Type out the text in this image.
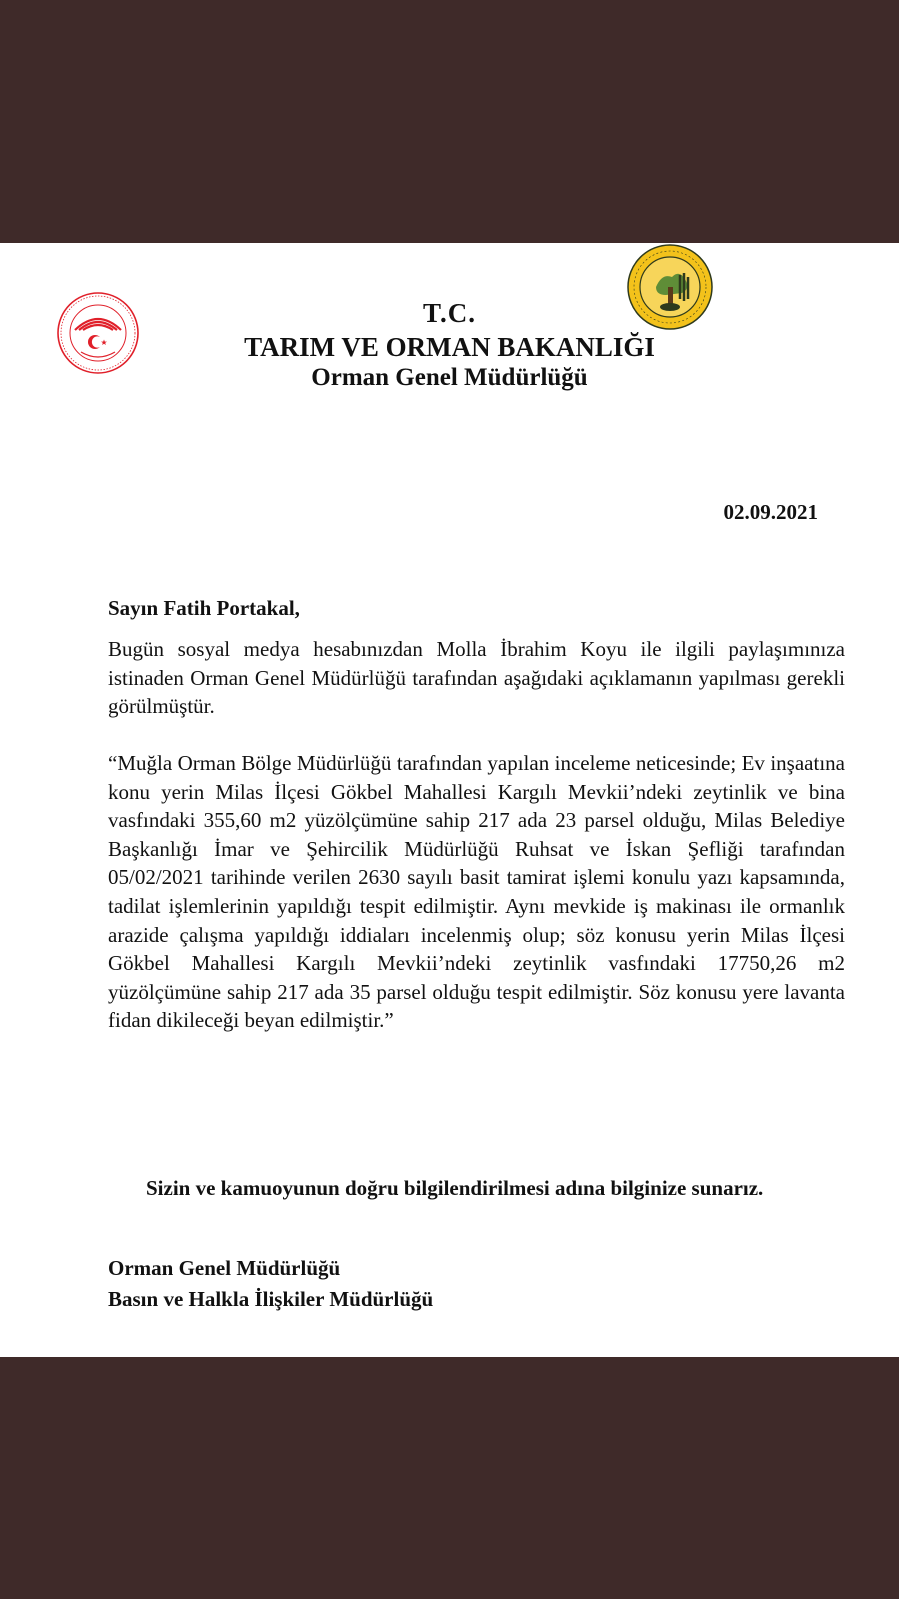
T.C.
TARIM VE ORMAN BAKANLIĞI
Orman Genel Müdürlüğü
02.09.2021
Sayın Fatih Portakal,
Bugün sosyal medya hesabınızdan Molla İbrahim Koyu ile ilgili paylaşımınıza istinaden Orman Genel Müdürlüğü tarafından aşağıdaki açıklamanın yapılması gerekli görülmüştür.
“Muğla Orman Bölge Müdürlüğü tarafından yapılan inceleme neticesinde; Ev inşaatına konu yerin Milas İlçesi Gökbel Mahallesi Kargılı Mevkii’ndeki zeytinlik ve bina vasfındaki 355,60 m2 yüzölçümüne sahip 217 ada 23 parsel olduğu, Milas Belediye Başkanlığı İmar ve Şehircilik Müdürlüğü Ruhsat ve İskan Şefliği tarafından 05/02/2021 tarihinde verilen 2630 sayılı basit tamirat işlemi konulu yazı kapsamında, tadilat işlemlerinin yapıldığı tespit edilmiştir. Aynı mevkide iş makinası ile ormanlık arazide çalışma yapıldığı iddiaları incelenmiş olup; söz konusu yerin Milas İlçesi Gökbel Mahallesi Kargılı Mevkii’ndeki zeytinlik vasfındaki 17750,26 m2 yüzölçümüne sahip 217 ada 35 parsel olduğu tespit edilmiştir. Söz konusu yere lavanta fidan dikileceği beyan edilmiştir.”
Sizin ve kamuoyunun doğru bilgilendirilmesi adına bilginize sunarız.
Orman Genel Müdürlüğü
Basın ve Halkla İlişkiler Müdürlüğü
